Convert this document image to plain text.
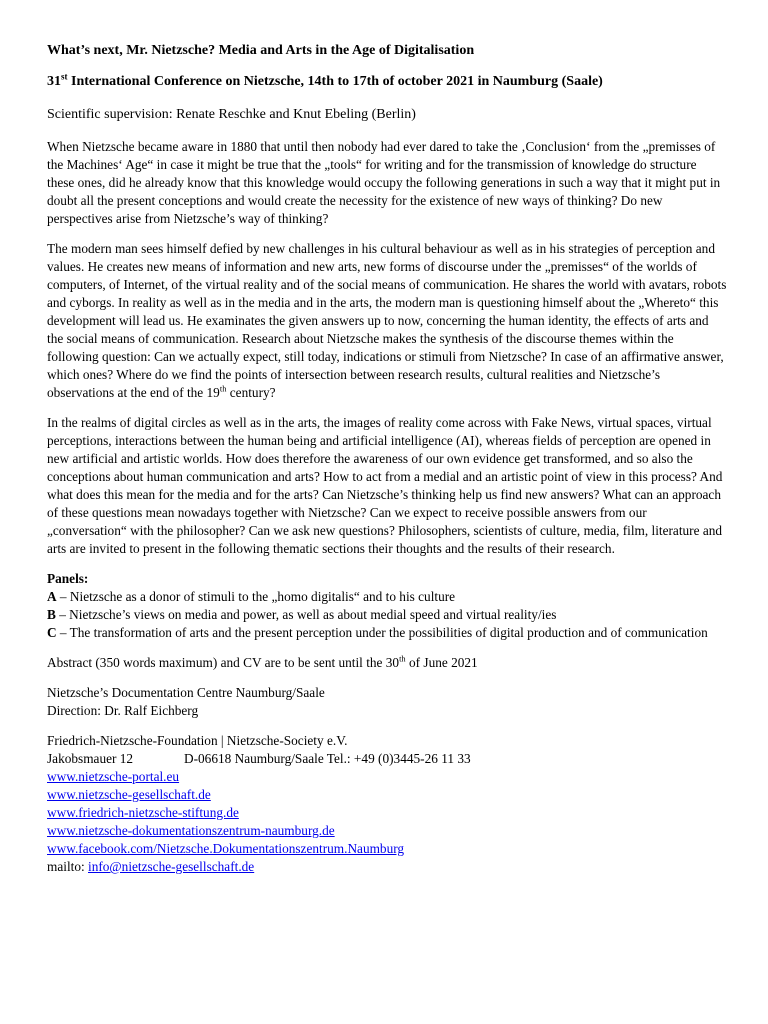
What’s next, Mr. Nietzsche? Media and Arts in the Age of Digitalisation
31st International Conference on Nietzsche, 14th to 17th of october 2021 in Naumburg (Saale)
Scientific supervision: Renate Reschke and Knut Ebeling (Berlin)

When Nietzsche became aware in 1880 that until then nobody had ever dared to take the ‚Conclusion‘ from the „premisses of the Machines‘ Age“ in case it might be true that the „tools“ for writing and for the transmission of knowledge do structure these ones, did he already know that this knowledge would occupy the following generations in such a way that it might put in doubt all the present conceptions and would create the necessity for the existence of new ways of thinking? Do new perspectives arise from Nietzsche’s way of thinking?

The modern man sees himself defied by new challenges in his cultural behaviour as well as in his strategies of perception and values. He creates new means of information and new arts, new forms of discourse under the „premisses“ of the worlds of computers, of Internet, of the virtual reality and of the social means of communication. He shares the world with avatars, robots and cyborgs. In reality as well as in the media and in the arts, the modern man is questioning himself about the „Whereto“ this development will lead us. He examinates the given answers up to now, concerning the human identity, the effects of arts and the social means of communication. Research about Nietzsche makes the synthesis of the discourse themes within the following question: Can we actually expect, still today, indications or stimuli from Nietzsche? In case of an affirmative answer, which ones? Where do we find the points of intersection between research results, cultural realities and Nietzsche’s observations at the end of the 19th century?

In the realms of digital circles as well as in the arts, the images of reality come across with Fake News, virtual spaces, virtual perceptions, interactions between the human being and artificial intelligence (AI), whereas fields of perception are opened in new artificial and artistic worlds. How does therefore the awareness of our own evidence get transformed, and so also the conceptions about human communication and arts? How to act from a medial and an artistic point of view in this process? And what does this mean for the media and for the arts? Can Nietzsche’s thinking help us find new answers? What can an approach of these questions mean nowadays together with Nietzsche? Can we expect to receive possible answers from our „conversation“ with the philosopher? Can we ask new questions? Philosophers, scientists of culture, media, film, literature and arts are invited to present in the following thematic sections their thoughts and the results of their research.

Panels:
A – Nietzsche as a donor of stimuli to the „homo digitalis“ and to his culture
B – Nietzsche’s views on media and power, as well as about medial speed and virtual reality/ies
C – The transformation of arts and the present perception under the possibilities of digital production and of communication

Abstract (350 words maximum) and CV are to be sent until the 30th of June 2021

Nietzsche’s Documentation Centre Naumburg/Saale
Direction: Dr. Ralf Eichberg
Friedrich-Nietzsche-Foundation | Nietzsche-Society e.V.
Jakobsmauer 12	D-06618 Naumburg/Saale Tel.: +49 (0)3445-26 11 33
www.nietzsche-portal.eu
www.nietzsche-gesellschaft.de
www.friedrich-nietzsche-stiftung.de
www.nietzsche-dokumentationszentrum-naumburg.de
www.facebook.com/Nietzsche.Dokumentationszentrum.Naumburg
mailto: info@nietzsche-gesellschaft.de
